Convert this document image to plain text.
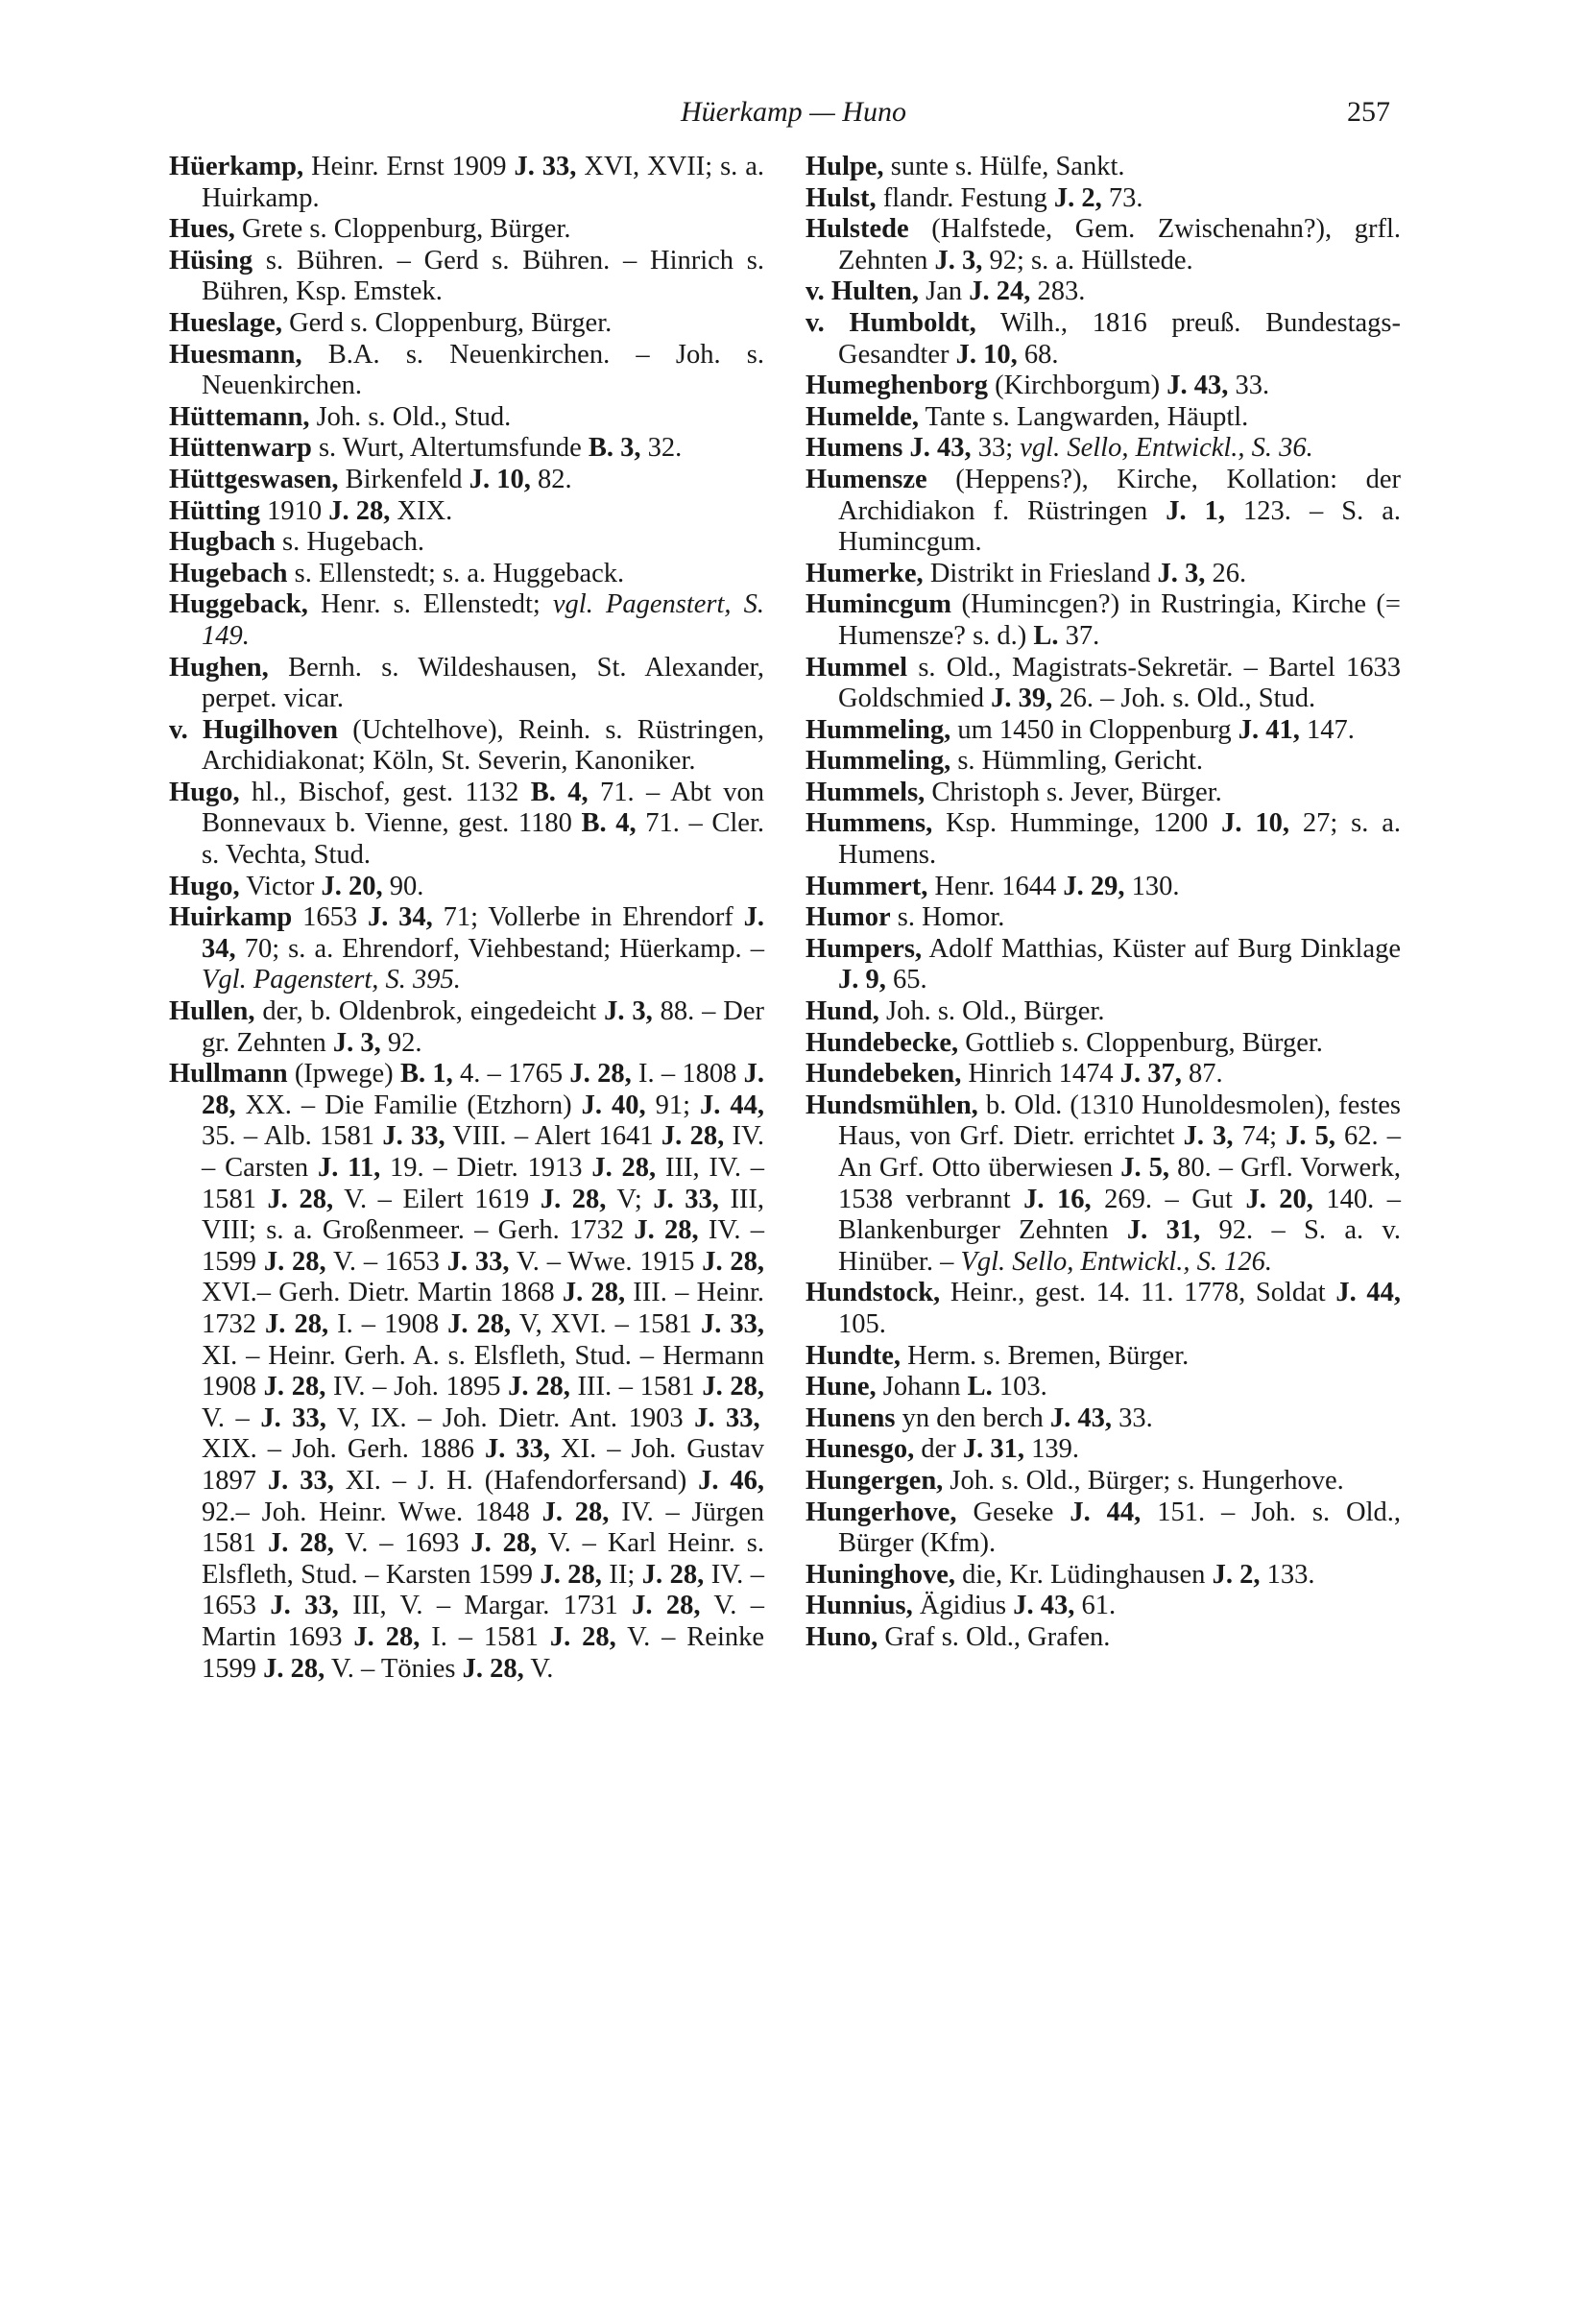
Hüerkamp — Huno	257
Hüerkamp, Heinr. Ernst 1909 J. 33, XVI, XVII; s. a. Huirkamp.
Hues, Grete s. Cloppenburg, Bürger.
Hüsing s. Bühren. – Gerd s. Bühren. – Hinrich s. Bühren, Ksp. Emstek.
Hueslage, Gerd s. Cloppenburg, Bürger.
Huesmann, B.A. s. Neuenkirchen. – Joh. s. Neuenkirchen.
Hüttemann, Joh. s. Old., Stud.
Hüttenwarp s. Wurt, Altertumsfunde B. 3, 32.
Hüttgeswasen, Birkenfeld J. 10, 82.
Hütting 1910 J. 28, XIX.
Hugbach s. Hugebach.
Hugebach s. Ellenstedt; s. a. Huggeback.
Huggeback, Henr. s. Ellenstedt; vgl. Pagenstert, S. 149.
Hughen, Bernh. s. Wildeshausen, St. Alexander, perpet. vicar.
v. Hugilhoven (Uchtelhove), Reinh. s. Rüstringen, Archidiakonat; Köln, St. Severin, Kanoniker.
Hugo, hl., Bischof, gest. 1132 B. 4, 71. – Abt von Bonnevaux b. Vienne, gest. 1180 B. 4, 71. – Cler. s. Vechta, Stud.
Hugo, Victor J. 20, 90.
Huirkamp 1653 J. 34, 71; Vollerbe in Ehrendorf J. 34, 70; s. a. Ehrendorf, Viehbestand; Hüerkamp. – Vgl. Pagenstert, S. 395.
Hullen, der, b. Oldenbrok, eingedeicht J. 3, 88. – Der gr. Zehnten J. 3, 92.
Hullmann (Ipwege) B. 1, 4. – 1765 J. 28, I. – 1808 J. 28, XX. – Die Familie (Etzhorn) J. 40, 91; J. 44, 35. – Alb. 1581 J. 33, VIII. – Alert 1641 J. 28, IV. – Carsten J. 11, 19. – Dietr. 1913 J. 28, III, IV. – 1581 J. 28, V. – Eilert 1619 J. 28, V; J. 33, III, VIII; s. a. Großenmeer. – Gerh. 1732 J. 28, IV. – 1599 J. 28, V. – 1653 J. 33, V. – Wwe. 1915 J. 28, XVI.– Gerh. Dietr. Martin 1868 J. 28, III. – Heinr. 1732 J. 28, I. – 1908 J. 28, V, XVI. – 1581 J. 33, XI. – Heinr. Gerh. A. s. Elsfleth, Stud. – Hermann 1908 J. 28, IV. – Joh. 1895 J. 28, III. – 1581 J. 28, V. – J. 33, V, IX. – Joh. Dietr. Ant. 1903 J. 33, XIX. – Joh. Gerh. 1886 J. 33, XI. – Joh. Gustav 1897 J. 33, XI. – J. H. (Hafendorfersand) J. 46, 92.– Joh. Heinr. Wwe. 1848 J. 28, IV. – Jürgen 1581 J. 28, V. – 1693 J. 28, V. – Karl Heinr. s. Elsfleth, Stud. – Karsten 1599 J. 28, II; J. 28, IV. – 1653 J. 33, III, V. – Margar. 1731 J. 28, V. – Martin 1693 J. 28, I. – 1581 J. 28, V. – Reinke 1599 J. 28, V. – Tönies J. 28, V.
Hulpe, sunte s. Hülfe, Sankt.
Hulst, flandr. Festung J. 2, 73.
Hulstede (Halfstede, Gem. Zwischenahn?), grfl. Zehnten J. 3, 92; s. a. Hüllstede.
v. Hulten, Jan J. 24, 283.
v. Humboldt, Wilh., 1816 preuß. Bundestags-Gesandter J. 10, 68.
Humeghenborg (Kirchborgum) J. 43, 33.
Humelde, Tante s. Langwarden, Häuptl.
Humens J. 43, 33; vgl. Sello, Entwickl., S. 36.
Humensze (Heppens?), Kirche, Kollation: der Archidiakon f. Rüstringen J. 1, 123. – S. a. Humincgum.
Humerke, Distrikt in Friesland J. 3, 26.
Humincgum (Humincgen?) in Rustringia, Kirche (= Humensze? s. d.) L. 37.
Hummel s. Old., Magistrats-Sekretär. – Bartel 1633 Goldschmied J. 39, 26. – Joh. s. Old., Stud.
Hummeling, um 1450 in Cloppenburg J. 41, 147.
Hummeling, s. Hümmling, Gericht.
Hummels, Christoph s. Jever, Bürger.
Hummens, Ksp. Humminge, 1200 J. 10, 27; s. a. Humens.
Hummert, Henr. 1644 J. 29, 130.
Humor s. Homor.
Humpers, Adolf Matthias, Küster auf Burg Dinklage J. 9, 65.
Hund, Joh. s. Old., Bürger.
Hundebecke, Gottlieb s. Cloppenburg, Bürger.
Hundebeken, Hinrich 1474 J. 37, 87.
Hundsmühlen, b. Old. (1310 Hunoldesmolen), festes Haus, von Grf. Dietr. errichtet J. 3, 74; J. 5, 62. – An Grf. Otto überwiesen J. 5, 80. – Grfl. Vorwerk, 1538 verbrannt J. 16, 269. – Gut J. 20, 140. – Blankenburger Zehnten J. 31, 92. – S. a. v. Hinüber. – Vgl. Sello, Entwickl., S. 126.
Hundstock, Heinr., gest. 14. 11. 1778, Soldat J. 44, 105.
Hundte, Herm. s. Bremen, Bürger.
Hune, Johann L. 103.
Hunens yn den berch J. 43, 33.
Hunesgo, der J. 31, 139.
Hungergen, Joh. s. Old., Bürger; s. Hungerhove.
Hungerhove, Geseke J. 44, 151. – Joh. s. Old., Bürger (Kfm).
Huninghove, die, Kr. Lüdinghausen J. 2, 133.
Hunnius, Ägidius J. 43, 61.
Huno, Graf s. Old., Grafen.
